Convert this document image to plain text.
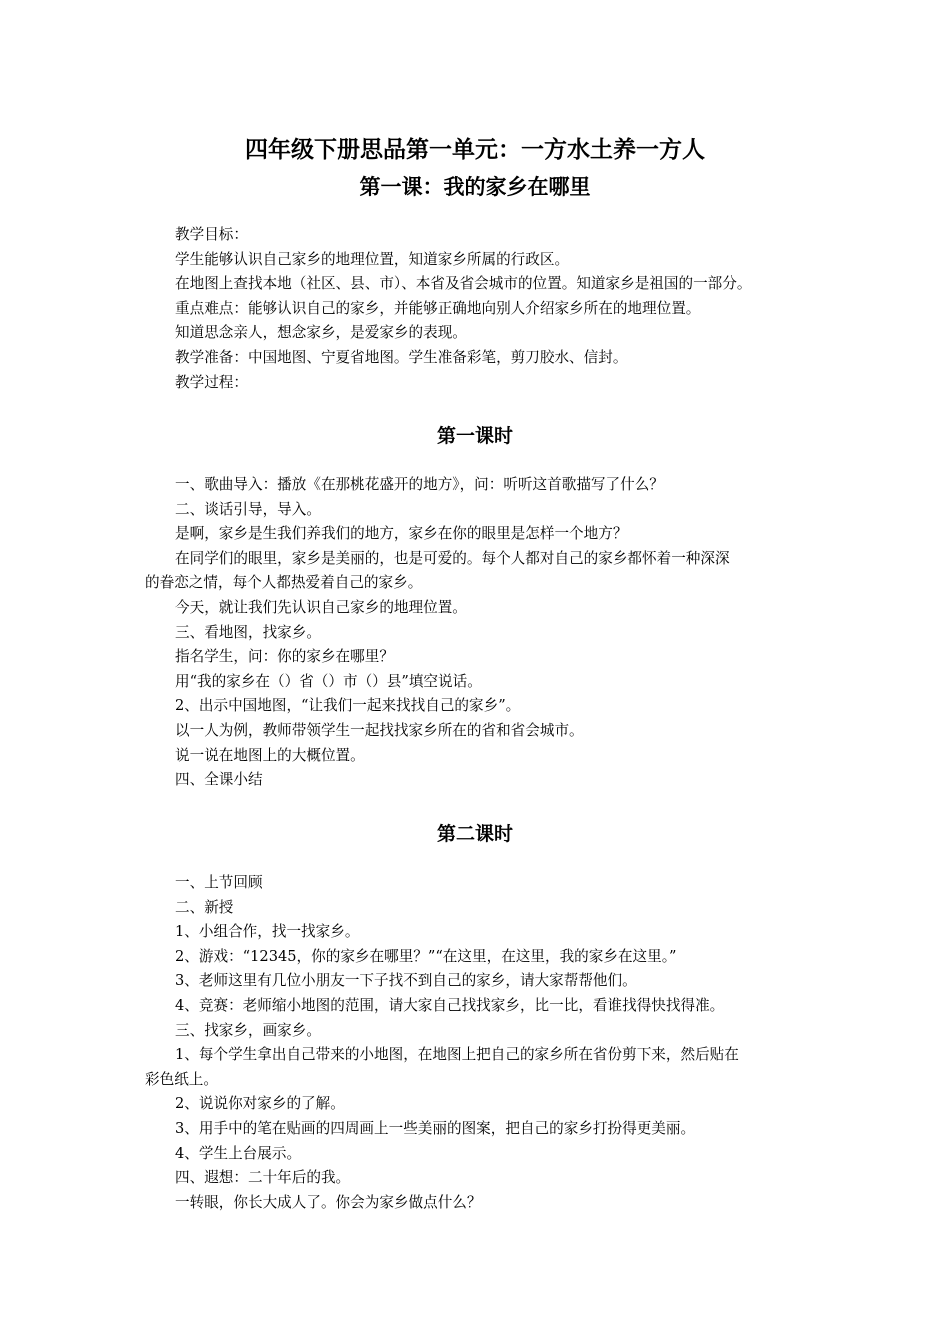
四年级下册思品第一单元：一方水土养一方人
第一课：我的家乡在哪里
教学目标：
学生能够认识自己家乡的地理位置，知道家乡所属的行政区。
在地图上查找本地（社区、县、市）、本省及省会城市的位置。知道家乡是祖国的一部分。
重点难点：能够认识自己的家乡，并能够正确地向别人介绍家乡所在的地理位置。
知道思念亲人，想念家乡，是爱家乡的表现。
教学准备：中国地图、宁夏省地图。学生准备彩笔，剪刀胶水、信封。
教学过程：
第一课时
一、歌曲导入：播放《在那桃花盛开的地方》，问：听听这首歌描写了什么？
二、谈话引导，导入。
是啊，家乡是生我们养我们的地方，家乡在你的眼里是怎样一个地方？
在同学们的眼里，家乡是美丽的，也是可爱的。每个人都对自己的家乡都怀着一种深深
的眷恋之情，每个人都热爱着自己的家乡。
今天，就让我们先认识自己家乡的地理位置。
三、看地图，找家乡。
指名学生，问：你的家乡在哪里？
用“我的家乡在（）省（）市（）县”填空说话。
2、出示中国地图，“让我们一起来找找自己的家乡”。
以一人为例，教师带领学生一起找找家乡所在的省和省会城市。
说一说在地图上的大概位置。
四、全课小结
第二课时
一、上节回顾
二、新授
1、小组合作，找一找家乡。
2、游戏：“12345，你的家乡在哪里？”“在这里，在这里，我的家乡在这里。”
3、老师这里有几位小朋友一下子找不到自己的家乡，请大家帮帮他们。
4、竞赛：老师缩小地图的范围，请大家自己找找家乡，比一比，看谁找得快找得准。
三、找家乡，画家乡。
1、每个学生拿出自己带来的小地图，在地图上把自己的家乡所在省份剪下来，然后贴在
彩色纸上。
2、说说你对家乡的了解。
3、用手中的笔在贴画的四周画上一些美丽的图案，把自己的家乡打扮得更美丽。
4、学生上台展示。
四、遐想：二十年后的我。
一转眼，你长大成人了。你会为家乡做点什么？
